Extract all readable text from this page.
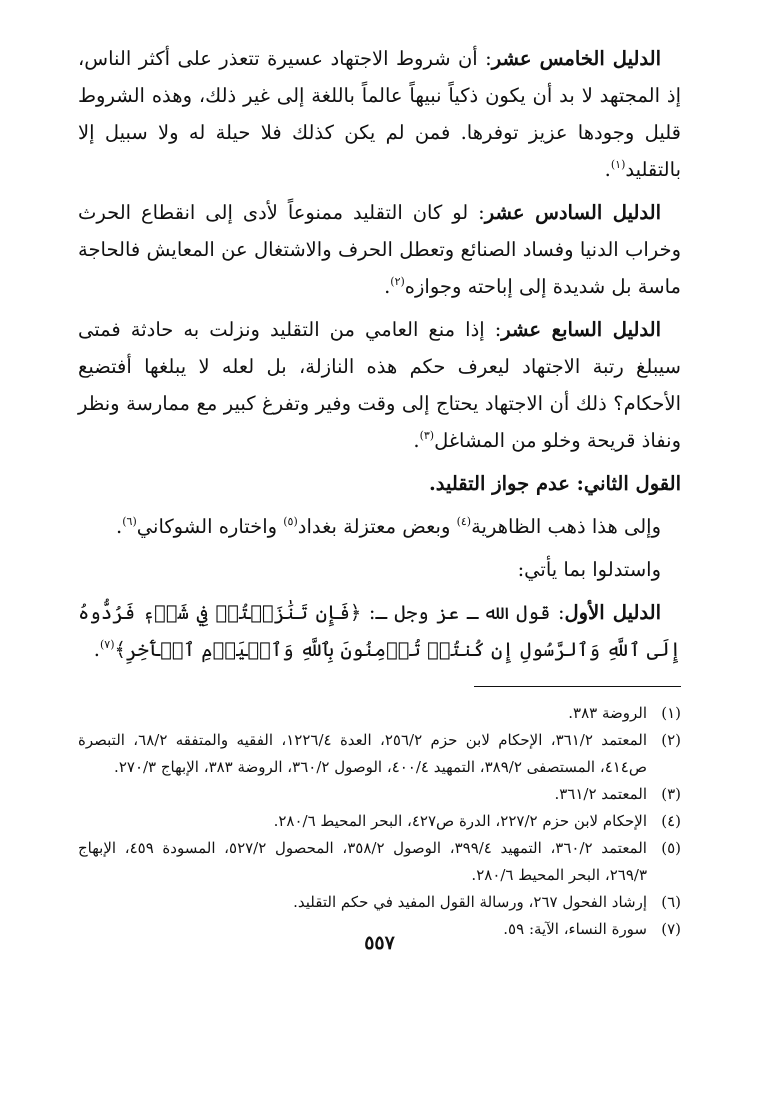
الدليل الخامس عشر: أن شروط الاجتهاد عسيرة تتعذر على أكثر الناس، إذ المجتهد لا بد أن يكون ذكياً نبيهاً عالماً باللغة إلى غير ذلك، وهذه الشروط قليل وجودها عزيز توفرها. فمن لم يكن كذلك فلا حيلة له ولا سبيل إلا بالتقليد$^{(١)}$.

الدليل السادس عشر: لو كان التقليد ممنوعاً لأدى إلى انقطاع الحرث وخراب الدنيا وفساد الصنائع وتعطل الحرف والاشتغال عن المعايش فالحاجة ماسة بل شديدة إلى إباحته وجوازه$^{(٢)}$.

الدليل السابع عشر: إذا منع العامي من التقليد ونزلت به حادثة فمتى سيبلغ رتبة الاجتهاد ليعرف حكم هذه النازلة، بل لعله لا يبلغها أفتضيع الأحكام؟ ذلك أن الاجتهاد يحتاج إلى وقت وفير وتفرغ كبير مع ممارسة ونظر ونفاذ قريحة وخلو من المشاغل$^{(٣)}$.

القول الثاني: عدم جواز التقليد.

وإلى هذا ذهب الظاهرية$^{(٤)}$ وبعض معتزلة بغداد$^{(٥)}$ واختاره الشوكاني$^{(٦)}$.

واستدلوا بما يأتي:

الدليل الأول: قول الله ـ عز وجل ـ: ﴿فَإِن تَنَٰزَعۡتُمۡ فِي شَيۡءٖ فَرُدُّوهُ إِلَى ٱللَّهِ وَٱلرَّسُولِ إِن كُنتُمۡ تُؤۡمِنُونَ بِٱللَّهِ وَٱلۡيَوۡمِ ٱلۡأٓخِرِ﴾$^{(٧)}$.

(١)
الروضة ٣٨٣.
(٢)
المعتمد ٣٦١/٢، الإحكام لابن حزم ٢٥٦/٢، العدة ١٢٢٦/٤، الفقيه والمتفقه ٦٨/٢، التبصرة ص٤١٤، المستصفى ٣٨٩/٢، التمهيد ٤٠٠/٤، الوصول ٣٦٠/٢، الروضة ٣٨٣، الإبهاج ٢٧٠/٣.
(٣)
المعتمد ٣٦١/٢.
(٤)
الإحكام لابن حزم ٢٢٧/٢، الدرة ص٤٢٧، البحر المحيط ٢٨٠/٦.
(٥)
المعتمد ٣٦٠/٢، التمهيد ٣٩٩/٤، الوصول ٣٥٨/٢، المحصول ٥٢٧/٢، المسودة ٤٥٩، الإبهاج ٢٦٩/٣، البحر المحيط ٢٨٠/٦.
(٦)
إرشاد الفحول ٢٦٧، ورسالة القول المفيد في حكم التقليد.
(٧)
سورة النساء، الآية: ٥٩.
٥٥٧
